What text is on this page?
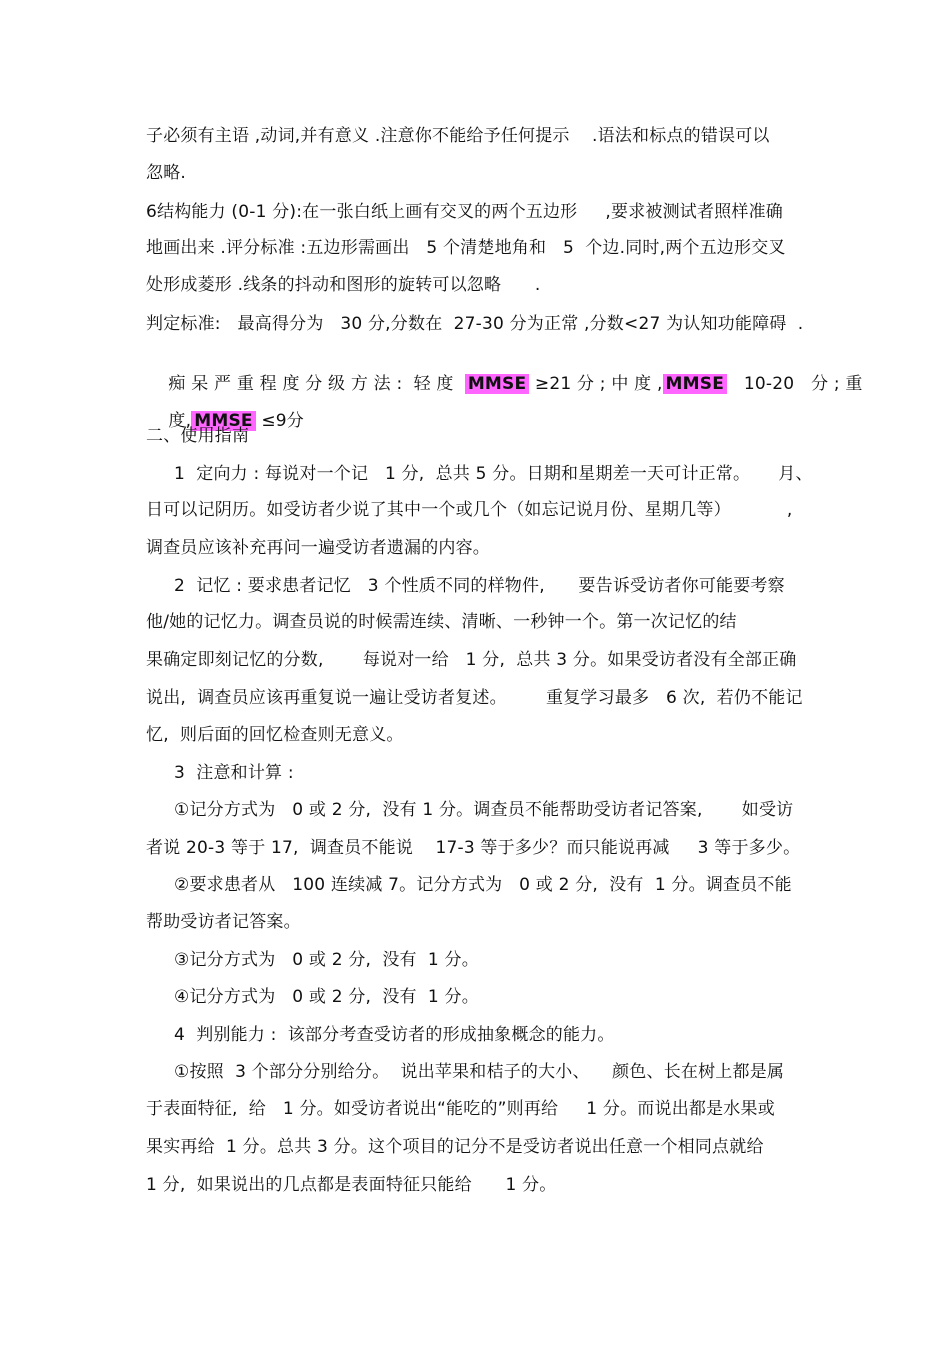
子必须有主语 ,动词,并有意义 .注意你不能给予任何提示    .语法和标点的错误可以
忽略.
6结构能力 (0-1 分):在一张白纸上画有交叉的两个五边形     ,要求被测试者照样准确
地画出来 .评分标准 :五边形需画出   5 个清楚地角和   5  个边.同时,两个五边形交叉
处形成菱形 .线条的抖动和图形的旋转可以忽略      .
判定标准:   最高得分为   30 分,分数在  27-30 分为正常 ,分数<27 为认知功能障碍  .

痴 呆 严 重 程 度 分 级 方 法 :  轻 度  MMSE ≥21 分 ; 中 度 , MMSE   10-20   分 ; 重

度, MMSE ≤9分

二、使用指南
1  定向力 : 每说对一个记   1 分,  总共 5 分。日期和星期差一天可计正常。     月、
日可以记阴历。如受访者少说了其中一个或几个（如忘记说月份、星期几等）          ,
调查员应该补充再问一遍受访者遗漏的内容。
2  记忆 : 要求患者记忆   3 个性质不同的样物件,      要告诉受访者你可能要考察
他/她的记忆力。调查员说的时候需连续、清晰、一秒钟一个。第一次记忆的结
果确定即刻记忆的分数,       每说对一给   1 分,  总共 3 分。如果受访者没有全部正确
说出,  调查员应该再重复说一遍让受访者复述。       重复学习最多   6 次,  若仍不能记
忆,  则后面的回忆检查则无意义。
3  注意和计算 :
①记分方式为   0 或 2 分,  没有 1 分。调查员不能帮助受访者记答案,       如受访
者说 20-3 等于 17,  调查员不能说    17-3 等于多少？而只能说再减     3 等于多少。
②要求患者从   100 连续减 7。记分方式为   0 或 2 分,  没有  1 分。调查员不能
帮助受访者记答案。
③记分方式为   0 或 2 分,  没有  1 分。
④记分方式为   0 或 2 分,  没有  1 分。
4  判别能力 :  该部分考查受访者的形成抽象概念的能力。
①按照  3 个部分分别给分。  说出苹果和桔子的大小、    颜色、长在树上都是属
于表面特征,  给   1 分。如受访者说出“能吃的”则再给     1 分。而说出都是水果或
果实再给  1 分。总共 3 分。这个项目的记分不是受访者说出任意一个相同点就给
1 分,  如果说出的几点都是表面特征只能给      1 分。
